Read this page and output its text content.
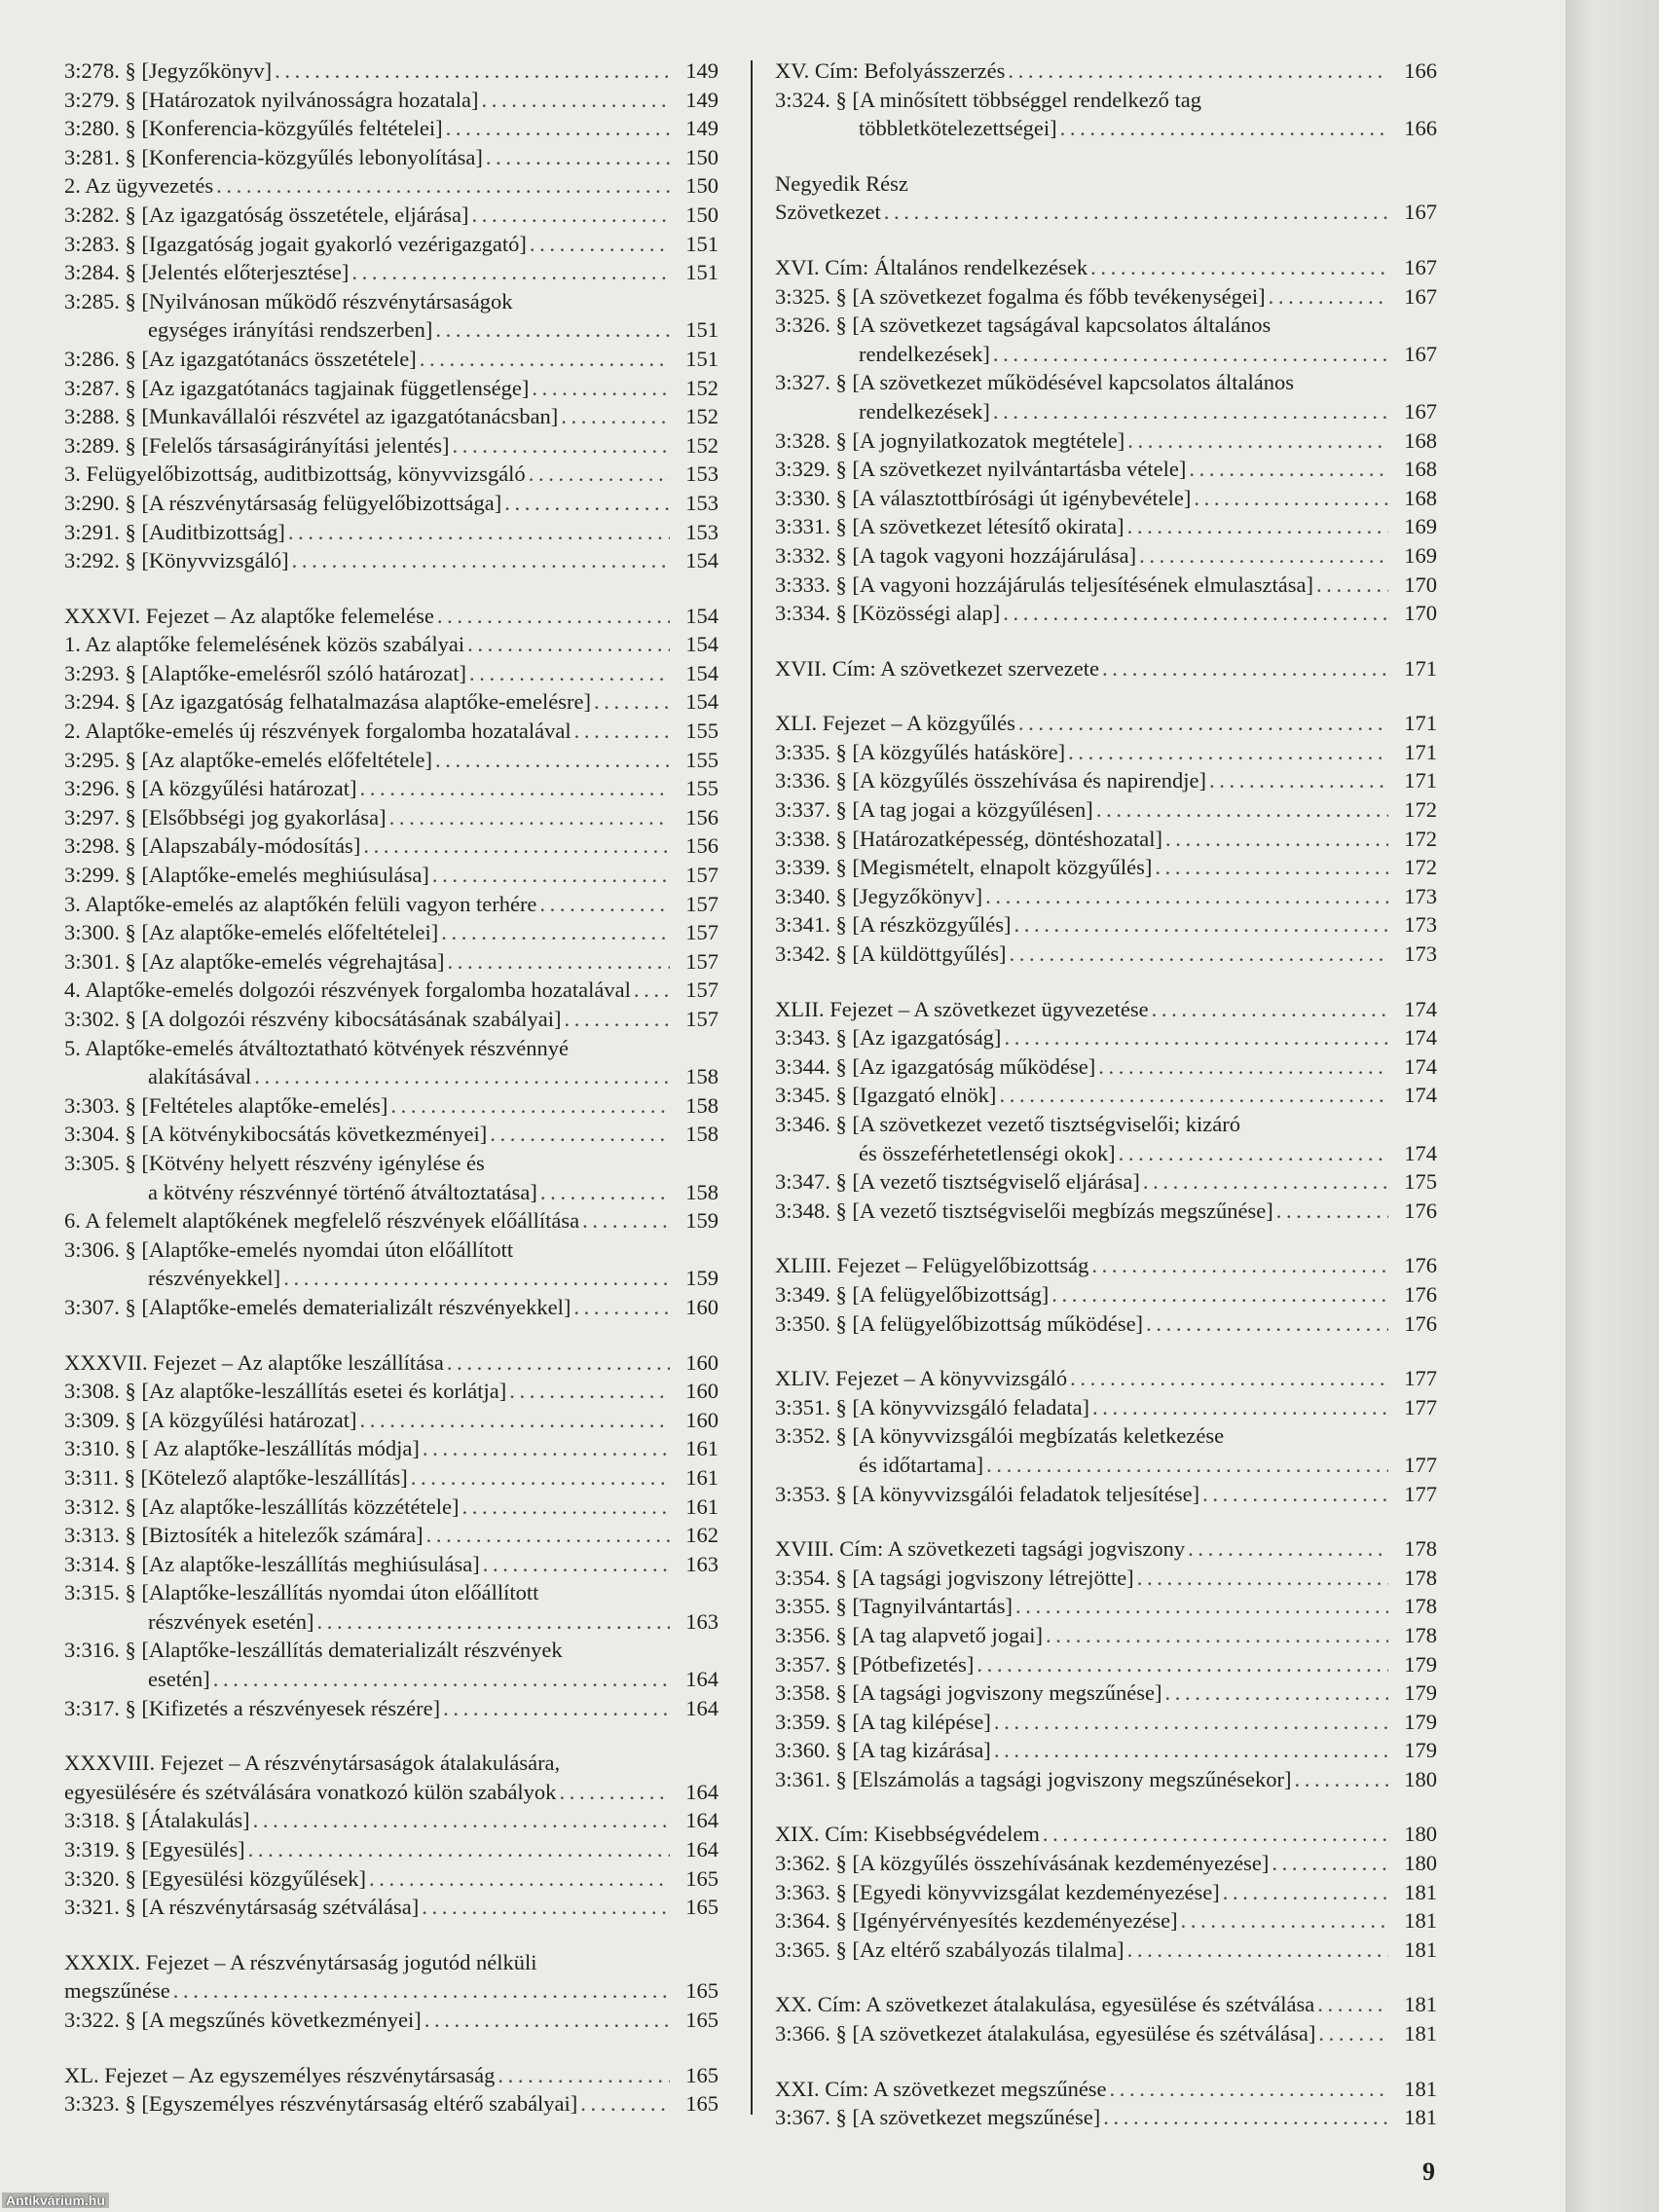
3:278. § [Jegyzőkönyv] . . .	149
3:279. § [Határozatok nyilvánosságra hozatala] . . .	149
3:280. § [Konferencia-közgyűlés feltételei] . . .	149
3:281. § [Konferencia-közgyűlés lebonyolítása] . . .	150
2. Az ügyvezetés . . .	150
3:282. § [Az igazgatóság összetétele, eljárása] . . .	150
3:283. § [Igazgatóság jogait gyakorló vezérigazgató] . . .	151
3:284. § [Jelentés előterjesztése] . . .	151
3:285. § [Nyilvánosan működő részvénytársaságok
egységes irányítási rendszerben] . . .	151
3:286. § [Az igazgatótanács összetétele] . . .	151
3:287. § [Az igazgatótanács tagjainak függetlensége] . . .	152
3:288. § [Munkavállalói részvétel az igazgatótanácsban] . . .	152
3:289. § [Felelős társaságirányítási jelentés] . . .	152
3. Felügyelőbizottság, auditbizottság, könyvvizsgáló . . .	153
3:290. § [A részvénytársaság felügyelőbizottsága] . . .	153
3:291. § [Auditbizottság] . . .	153
3:292. § [Könyvvizsgáló] . . .	154
XXXVI. Fejezet – Az alaptőke felemelése . . .	154
1. Az alaptőke felemelésének közös szabályai . . .	154
3:293. § [Alaptőke-emelésről szóló határozat] . . .	154
3:294. § [Az igazgatóság felhatalmazása alaptőke-emelésre] . . .	154
2. Alaptőke-emelés új részvények forgalomba hozatalával . . .	155
3:295. § [Az alaptőke-emelés előfeltétele] . . .	155
3:296. § [A közgyűlési határozat] . . .	155
3:297. § [Elsőbbségi jog gyakorlása] . . .	156
3:298. § [Alapszabály-módosítás] . . .	156
3:299. § [Alaptőke-emelés meghiúsulása] . . .	157
3. Alaptőke-emelés az alaptőkén felüli vagyon terhére . . .	157
3:300. § [Az alaptőke-emelés előfeltételei] . . .	157
3:301. § [Az alaptőke-emelés végrehajtása] . . .	157
4. Alaptőke-emelés dolgozói részvények forgalomba hozatalával . . .	157
3:302. § [A dolgozói részvény kibocsátásának szabályai] . . .	157
5. Alaptőke-emelés átváltoztatható kötvények részvénnyé
alakításával . . .	158
3:303. § [Feltételes alaptőke-emelés] . . .	158
3:304. § [A kötvénykibocsátás következményei] . . .	158
3:305. § [Kötvény helyett részvény igénylése és
a kötvény részvénnyé történő átváltoztatása] . . .	158
6. A felemelt alaptőkének megfelelő részvények előállítása . . .	159
3:306. § [Alaptőke-emelés nyomdai úton előállított
részvényekkel] . . .	159
3:307. § [Alaptőke-emelés dematerializált részvényekkel] . . .	160
XXXVII. Fejezet – Az alaptőke leszállítása . . .	160
3:308. § [Az alaptőke-leszállítás esetei és korlátja] . . .	160
3:309. § [A közgyűlési határozat] . . .	160
3:310. § [ Az alaptőke-leszállítás módja] . . .	161
3:311. § [Kötelező alaptőke-leszállítás] . . .	161
3:312. § [Az alaptőke-leszállítás közzététele] . . .	161
3:313. § [Biztosíték a hitelezők számára] . . .	162
3:314. § [Az alaptőke-leszállítás meghiúsulása] . . .	163
3:315. § [Alaptőke-leszállítás nyomdai úton előállított
részvények esetén] . . .	163
3:316. § [Alaptőke-leszállítás dematerializált részvények
esetén] . . .	164
3:317. § [Kifizetés a részvényesek részére] . . .	164
XXXVIII. Fejezet – A részvénytársaságok átalakulására,
egyesülésére és szétválására vonatkozó külön szabályok . . .	164
3:318. § [Átalakulás] . . .	164
3:319. § [Egyesülés] . . .	164
3:320. § [Egyesülési közgyűlések] . . .	165
3:321. § [A részvénytársaság szétválása] . . .	165
XXXIX. Fejezet – A részvénytársaság jogutód nélküli
megszűnése . . .	165
3:322. § [A megszűnés következményei] . . .	165
XL. Fejezet – Az egyszemélyes részvénytársaság . . .	165
3:323. § [Egyszemélyes részvénytársaság eltérő szabályai] . . .	165
XV. Cím: Befolyásszerzés . . .	166
3:324. § [A minősített többséggel rendelkező tag
többletkötelezettségei] . . .	166
Negyedik Rész
Szövetkezet . . .	167
XVI. Cím: Általános rendelkezések . . .	167
3:325. § [A szövetkezet fogalma és főbb tevékenységei] . . .	167
3:326. § [A szövetkezet tagságával kapcsolatos általános
rendelkezések] . . .	167
3:327. § [A szövetkezet működésével kapcsolatos általános
rendelkezések] . . .	167
3:328. § [A jognyilatkozatok megtétele] . . .	168
3:329. § [A szövetkezet nyilvántartásba vétele] . . .	168
3:330. § [A választottbírósági út igénybevétele] . . .	168
3:331. § [A szövetkezet létesítő okirata] . . .	169
3:332. § [A tagok vagyoni hozzájárulása] . . .	169
3:333. § [A vagyoni hozzájárulás teljesítésének elmulasztása] . . .	170
3:334. § [Közösségi alap] . . .	170
XVII. Cím: A szövetkezet szervezete . . .	171
XLI. Fejezet – A közgyűlés . . .	171
3:335. § [A közgyűlés hatásköre] . . .	171
3:336. § [A közgyűlés összehívása és napirendje] . . .	171
3:337. § [A tag jogai a közgyűlésen] . . .	172
3:338. § [Határozatképesség, döntéshozatal] . . .	172
3:339. § [Megismételt, elnapolt közgyűlés] . . .	172
3:340. § [Jegyzőkönyv] . . .	173
3:341. § [A részközgyűlés] . . .	173
3:342. § [A küldöttgyűlés] . . .	173
XLII. Fejezet – A szövetkezet ügyvezetése . . .	174
3:343. § [Az igazgatóság] . . .	174
3:344. § [Az igazgatóság működése] . . .	174
3:345. § [Igazgató elnök] . . .	174
3:346. § [A szövetkezet vezető tisztségviselői; kizáró
és összeférhetetlenségi okok] . . .	174
3:347. § [A vezető tisztségviselő eljárása] . . .	175
3:348. § [A vezető tisztségviselői megbízás megszűnése] . . .	176
XLIII. Fejezet – Felügyelőbizottság . . .	176
3:349. § [A felügyelőbizottság] . . .	176
3:350. § [A felügyelőbizottság működése] . . .	176
XLIV. Fejezet – A könyvvizsgáló . . .	177
3:351. § [A könyvvizsgáló feladata] . . .	177
3:352. § [A könyvvizsgálói megbízatás keletkezése
és időtartama] . . .	177
3:353. § [A könyvvizsgálói feladatok teljesítése] . . .	177
XVIII. Cím: A szövetkezeti tagsági jogviszony . . .	178
3:354. § [A tagsági jogviszony létrejötte] . . .	178
3:355. § [Tagnyilvántartás] . . .	178
3:356. § [A tag alapvető jogai] . . .	178
3:357. § [Pótbefizetés] . . .	179
3:358. § [A tagsági jogviszony megszűnése] . . .	179
3:359. § [A tag kilépése] . . .	179
3:360. § [A tag kizárása] . . .	179
3:361. § [Elszámolás a tagsági jogviszony megszűnésekor] . . .	180
XIX. Cím: Kisebbségvédelem . . .	180
3:362. § [A közgyűlés összehívásának kezdeményezése] . . .	180
3:363. § [Egyedi könyvvizsgálat kezdeményezése] . . .	181
3:364. § [Igényérvényesítés kezdeményezése] . . .	181
3:365. § [Az eltérő szabályozás tilalma] . . .	181
XX. Cím: A szövetkezet átalakulása, egyesülése és szétválása . . .	181
3:366. § [A szövetkezet átalakulása, egyesülése és szétválása] . . .	181
XXI. Cím: A szövetkezet megszűnése . . .	181
3:367. § [A szövetkezet megszűnése] . . .	181
9
Antikvárium.hu
